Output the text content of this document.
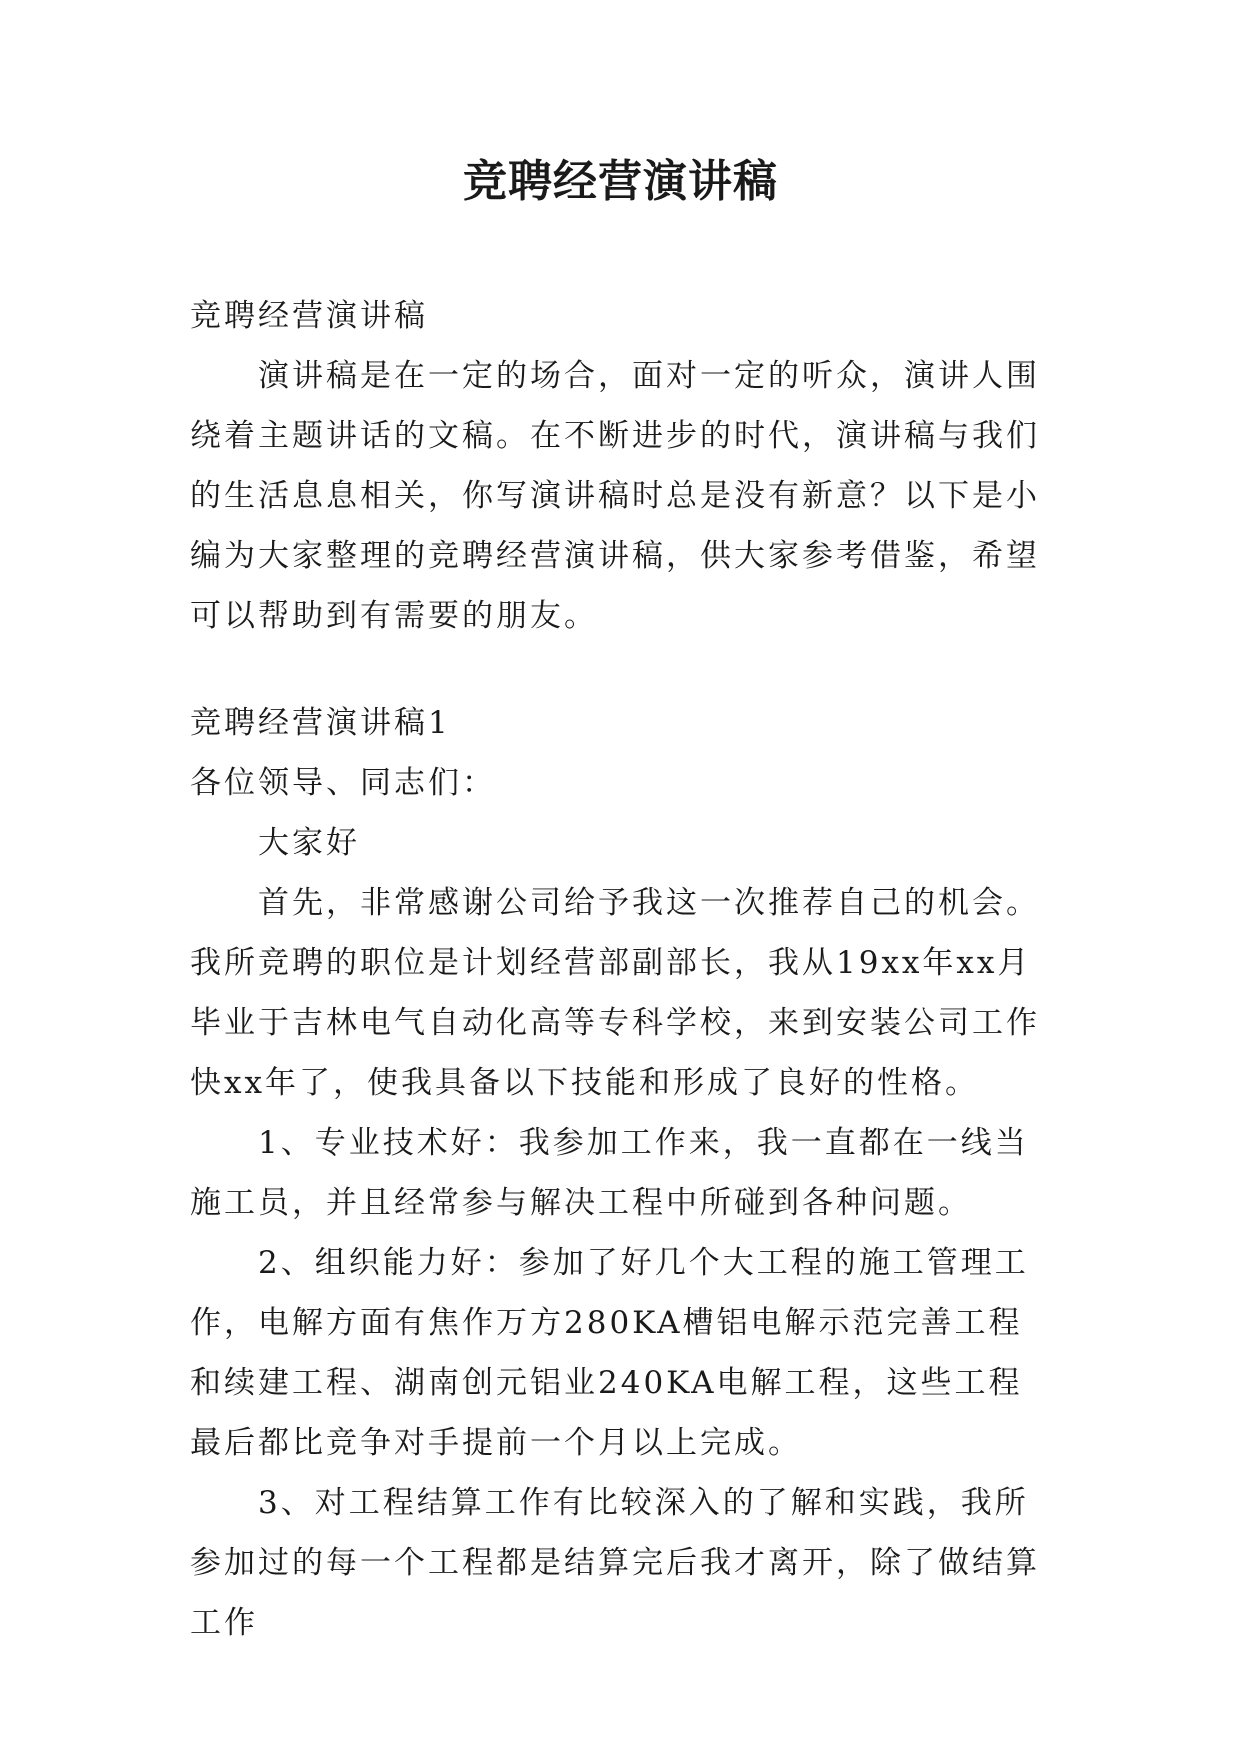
竞聘经营演讲稿
竞聘经营演讲稿
演讲稿是在一定的场合，面对一定的听众，演讲人围绕着主题讲话的文稿。在不断进步的时代，演讲稿与我们的生活息息相关，你写演讲稿时总是没有新意？以下是小编为大家整理的竞聘经营演讲稿，供大家参考借鉴，希望可以帮助到有需要的朋友。

竞聘经营演讲稿1

各位领导、同志们：

大家好

首先，非常感谢公司给予我这一次推荐自己的机会。我所竞聘的职位是计划经营部副部长，我从19xx年xx月毕业于吉林电气自动化高等专科学校，来到安装公司工作快xx年了，使我具备以下技能和形成了良好的性格。

1、专业技术好：我参加工作来，我一直都在一线当施工员，并且经常参与解决工程中所碰到各种问题。

2、组织能力好：参加了好几个大工程的施工管理工作，电解方面有焦作万方280KA槽铝电解示范完善工程和续建工程、湖南创元铝业240KA电解工程，这些工程最后都比竞争对手提前一个月以上完成。

3、对工程结算工作有比较深入的了解和实践，我所参加过的每一个工程都是结算完后我才离开，除了做结算工作
